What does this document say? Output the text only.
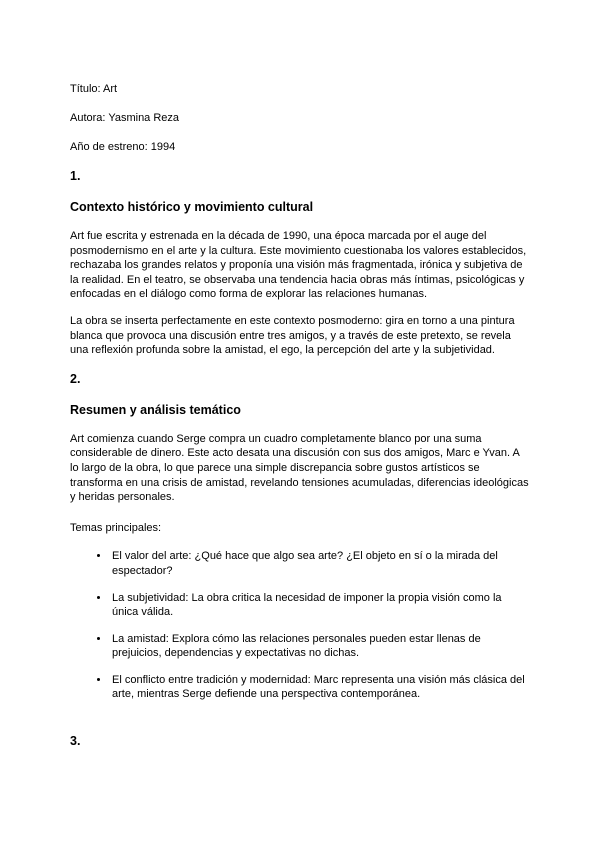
Título: Art

Autora: Yasmina Reza

Año de estreno: 1994

1.
Contexto histórico y movimiento cultural

Art fue escrita y estrenada en la década de 1990, una época marcada por el auge del posmodernismo en el arte y la cultura. Este movimiento cuestionaba los valores establecidos, rechazaba los grandes relatos y proponía una visión más fragmentada, irónica y subjetiva de la realidad. En el teatro, se observaba una tendencia hacia obras más íntimas, psicológicas y enfocadas en el diálogo como forma de explorar las relaciones humanas.

La obra se inserta perfectamente en este contexto posmoderno: gira en torno a una pintura blanca que provoca una discusión entre tres amigos, y a través de este pretexto, se revela una reflexión profunda sobre la amistad, el ego, la percepción del arte y la subjetividad.

2.
Resumen y análisis temático

Art comienza cuando Serge compra un cuadro completamente blanco por una suma considerable de dinero. Este acto desata una discusión con sus dos amigos, Marc e Yvan. A lo largo de la obra, lo que parece una simple discrepancia sobre gustos artísticos se transforma en una crisis de amistad, revelando tensiones acumuladas, diferencias ideológicas y heridas personales.

Temas principales:

• El valor del arte: ¿Qué hace que algo sea arte? ¿El objeto en sí o la mirada del espectador?
• La subjetividad: La obra critica la necesidad de imponer la propia visión como la única válida.
• La amistad: Explora cómo las relaciones personales pueden estar llenas de prejuicios, dependencias y expectativas no dichas.
• El conflicto entre tradición y modernidad: Marc representa una visión más clásica del arte, mientras Serge defiende una perspectiva contemporánea.
3.
